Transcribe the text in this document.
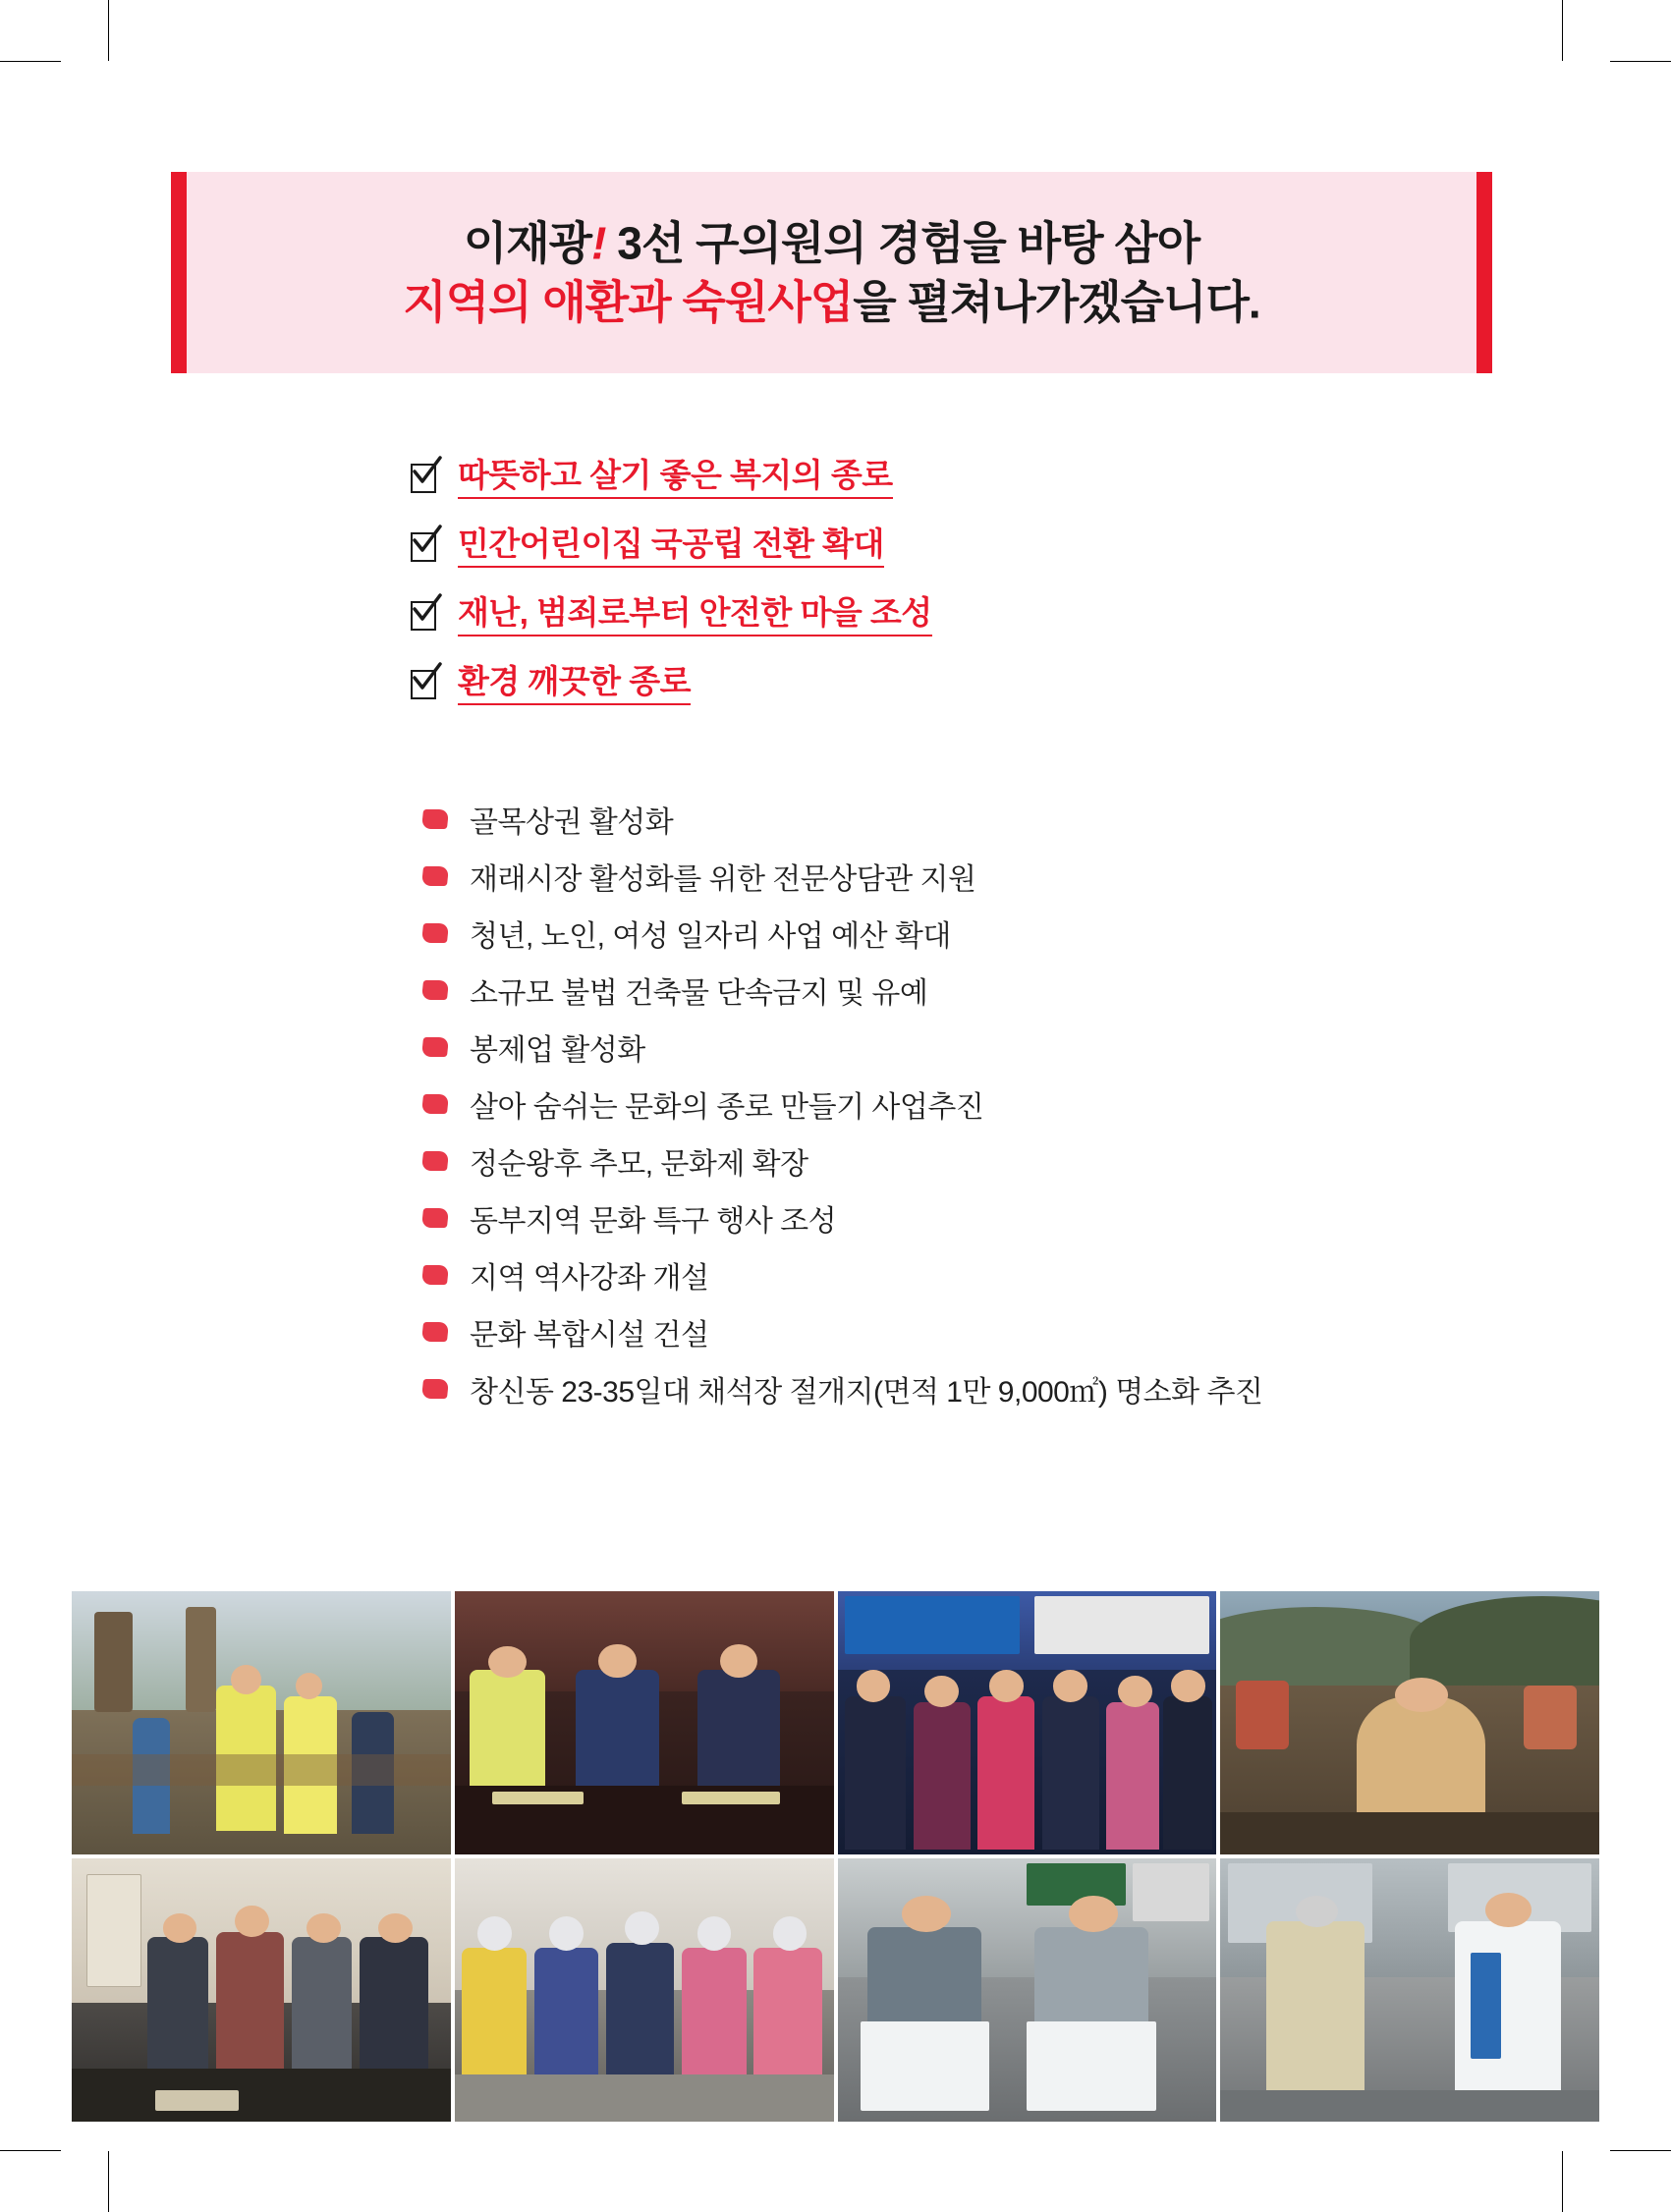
이재광! 3선 구의원의 경험을 바탕 삼아
지역의 애환과 숙원사업을 펼쳐나가겠습니다.
따뜻하고 살기 좋은 복지의 종로
민간어린이집 국공립 전환 확대
재난, 범죄로부터 안전한 마을 조성
환경 깨끗한 종로
골목상권 활성화
재래시장 활성화를 위한 전문상담관 지원
청년, 노인, 여성 일자리 사업 예산 확대
소규모 불법 건축물 단속금지 및 유예
봉제업 활성화
살아 숨쉬는 문화의 종로 만들기 사업추진
정순왕후 추모, 문화제 확장
동부지역 문화 특구 행사 조성
지역 역사강좌 개설
문화 복합시설 건설
창신동 23-35일대 채석장 절개지(면적 1만 9,000㎡) 명소화 추진
